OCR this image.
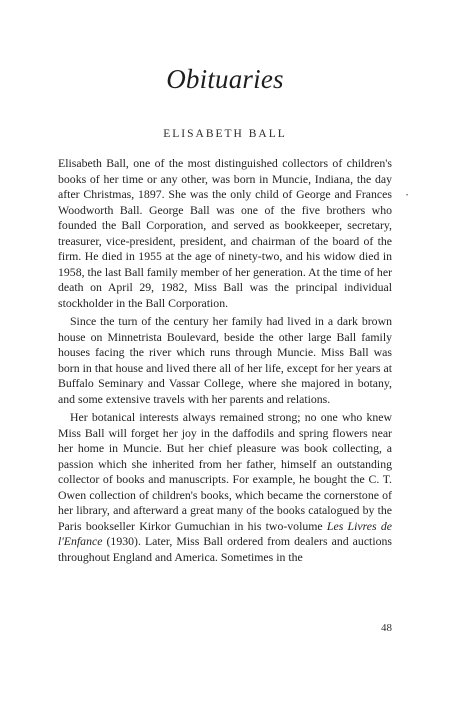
Obituaries
ELISABETH BALL

Elisabeth Ball, one of the most distinguished collectors of children's books of her time or any other, was born in Muncie, Indiana, the day after Christmas, 1897. She was the only child of George and Frances Woodworth Ball. George Ball was one of the five brothers who founded the Ball Corporation, and served as bookkeeper, secretary, treasurer, vice-president, president, and chairman of the board of the firm. He died in 1955 at the age of ninety-two, and his widow died in 1958, the last Ball family member of her generation. At the time of her death on April 29, 1982, Miss Ball was the principal individual stockholder in the Ball Corporation.

Since the turn of the century her family had lived in a dark brown house on Minnetrista Boulevard, beside the other large Ball family houses facing the river which runs through Muncie. Miss Ball was born in that house and lived there all of her life, except for her years at Buffalo Seminary and Vassar College, where she majored in botany, and some extensive travels with her parents and relations.

Her botanical interests always remained strong; no one who knew Miss Ball will forget her joy in the daffodils and spring flowers near her home in Muncie. But her chief pleasure was book collecting, a passion which she inherited from her father, himself an outstanding collector of books and manuscripts. For example, he bought the C. T. Owen collection of children's books, which became the cornerstone of her library, and afterward a great many of the books catalogued by the Paris bookseller Kirkor Gumuchian in his two-volume Les Livres de l'Enfance (1930). Later, Miss Ball ordered from dealers and auctions throughout England and America. Sometimes in the

•
48
